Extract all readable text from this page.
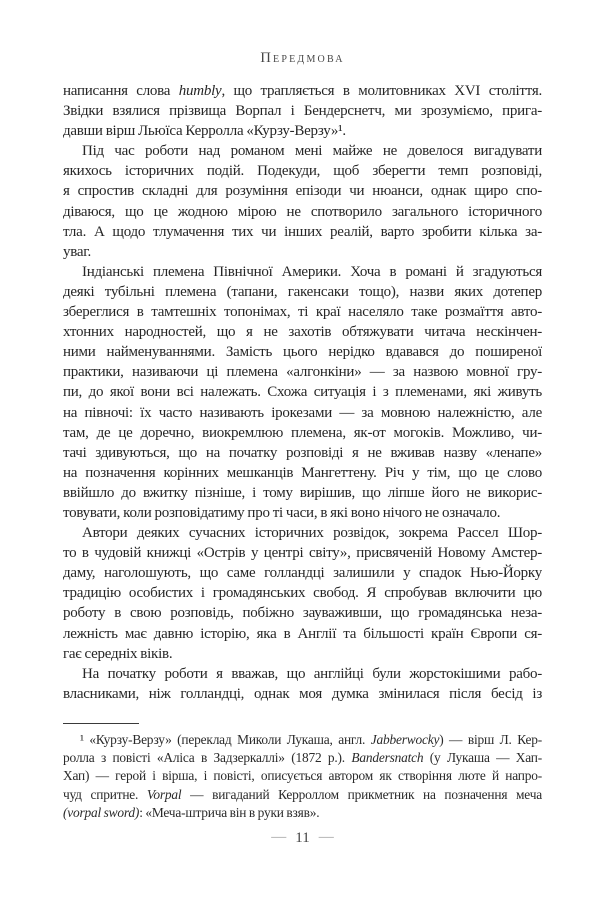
Передмова
написання слова humbly, що трапляється в молитовниках XVI століття.
Звідки взялися прізвища Ворпал і Бендерснетч, ми зрозуміємо, прига-
давши вірш Льюїса Керролла «Курзу-Верзу»¹.
Під час роботи над романом мені майже не довелося вигадувати
якихось історичних подій. Подекуди, щоб зберегти темп розповіді,
я спростив складні для розуміння епізоди чи нюанси, однак щиро спо-
діваюся, що це жодною мірою не спотворило загального історичного
тла. А щодо тлумачення тих чи інших реалій, варто зробити кілька за-
уваг.
Індіанські племена Північної Америки. Хоча в романі й згадуються
деякі тубільні племена (тапани, гакенсаки тощо), назви яких дотепер
збереглися в тамтешніх топонімах, ті краї населяло таке розмаїття авто-
хтонних народностей, що я не захотів обтяжувати читача нескінчен-
ними найменуваннями. Замість цього нерідко вдавався до поширеної
практики, називаючи ці племена «алгонкіни» — за назвою мовної гру-
пи, до якої вони всі належать. Схожа ситуація і з племенами, які живуть
на півночі: їх часто називають ірокезами — за мовною належністю, але
там, де це доречно, виокремлюю племена, як-от могоків. Можливо, чи-
тачі здивуються, що на початку розповіді я не вживав назву «ленапе»
на позначення корінних мешканців Мангеттену. Річ у тім, що це слово
ввійшло до вжитку пізніше, і тому вирішив, що ліпше його не викорис-
товувати, коли розповідатиму про ті часи, в які воно нічого не означало.
Автори деяких сучасних історичних розвідок, зокрема Рассел Шор-
то в чудовій книжці «Острів у центрі світу», присвяченій Новому Амстер-
даму, наголошують, що саме голландці залишили у спадок Нью-Йорку
традицію особистих і громадянських свобод. Я спробував включити цю
роботу в свою розповідь, побіжно зауваживши, що громадянська неза-
лежність має давню історію, яка в Англії та більшості країн Європи ся-
гає середніх віків.
На початку роботи я вважав, що англійці були жорстокішими рабо-
власниками, ніж голландці, однак моя думка змінилася після бесід із
¹ «Курзу-Верзу» (переклад Миколи Лукаша, англ. Jabberwocky) — вірш Л. Кер-
ролла з повісті «Аліса в Задзеркаллі» (1872 р.). Bandersnatch (у Лукаша — Хап-
Хап) — герой і вірша, і повісті, описується автором як створіння люте й напро-
чуд спритне. Vorpal — вигаданий Керроллом прикметник на позначення меча
(vorpal sword): «Меча-штрича він в руки взяв».
— 11 —
